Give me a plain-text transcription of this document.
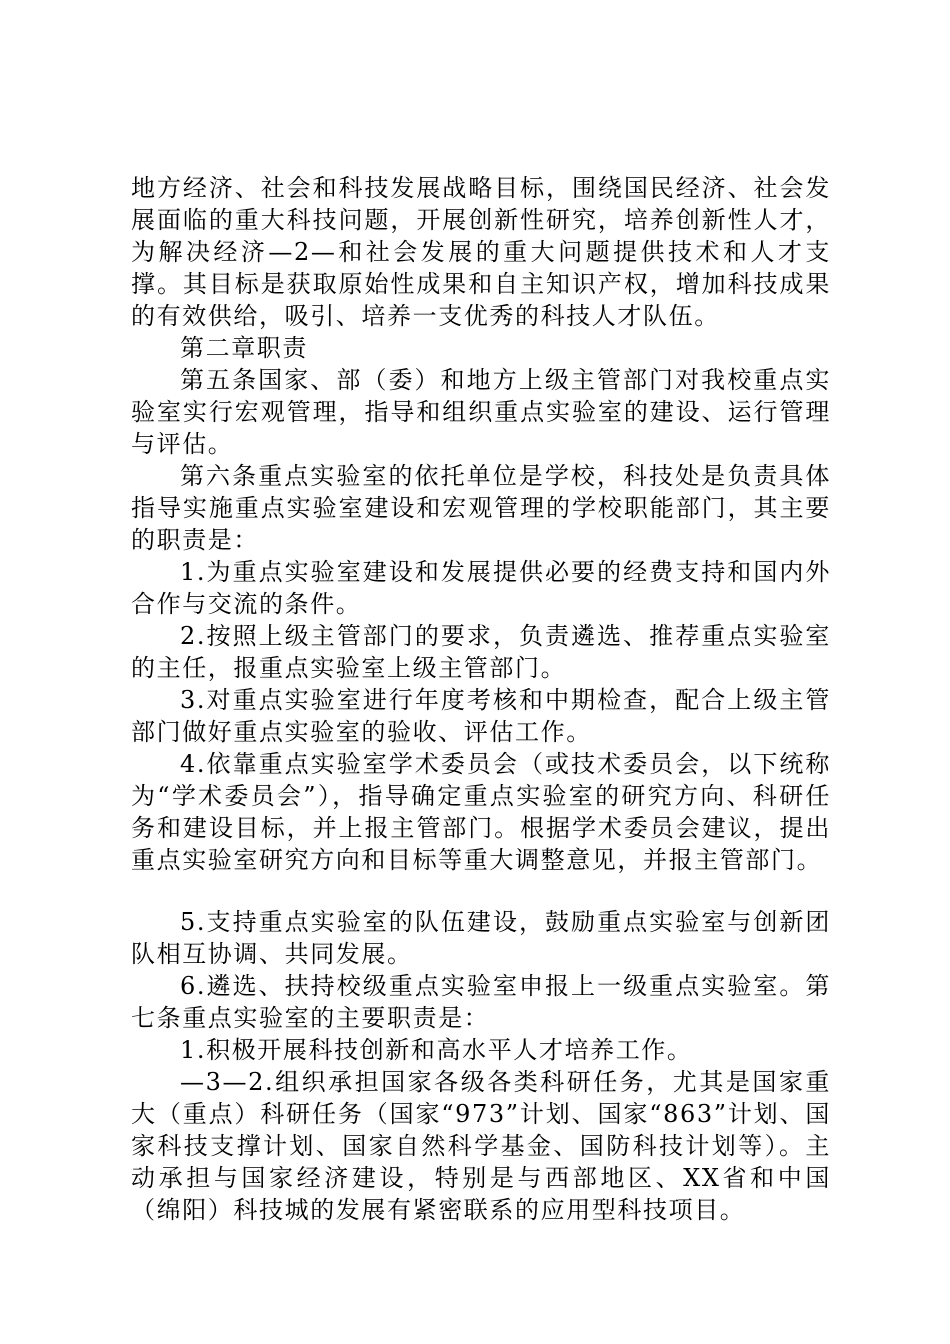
地方经济、社会和科技发展战略目标，围绕国民经济、社会发展面临的重大科技问题，开展创新性研究，培养创新性人才，为解决经济—2—和社会发展的重大问题提供技术和人才支撑。其目标是获取原始性成果和自主知识产权，增加科技成果的有效供给，吸引、培养一支优秀的科技人才队伍。

第二章职责

第五条国家、部（委）和地方上级主管部门对我校重点实验室实行宏观管理，指导和组织重点实验室的建设、运行管理与评估。

第六条重点实验室的依托单位是学校，科技处是负责具体指导实施重点实验室建设和宏观管理的学校职能部门，其主要的职责是：

1.为重点实验室建设和发展提供必要的经费支持和国内外合作与交流的条件。

2.按照上级主管部门的要求，负责遴选、推荐重点实验室的主任，报重点实验室上级主管部门。

3.对重点实验室进行年度考核和中期检查，配合上级主管部门做好重点实验室的验收、评估工作。

4.依靠重点实验室学术委员会（或技术委员会，以下统称为“学术委员会”），指导确定重点实验室的研究方向、科研任务和建设目标，并上报主管部门。根据学术委员会建议，提出重点实验室研究方向和目标等重大调整意见，并报主管部门。

5.支持重点实验室的队伍建设，鼓励重点实验室与创新团队相互协调、共同发展。

6.遴选、扶持校级重点实验室申报上一级重点实验室。第七条重点实验室的主要职责是：

1.积极开展科技创新和高水平人才培养工作。

—3—2.组织承担国家各级各类科研任务，尤其是国家重大（重点）科研任务（国家“973”计划、国家“863”计划、国家科技支撑计划、国家自然科学基金、国防科技计划等）。主动承担与国家经济建设，特别是与西部地区、XX省和中国（绵阳）科技城的发展有紧密联系的应用型科技项目。
